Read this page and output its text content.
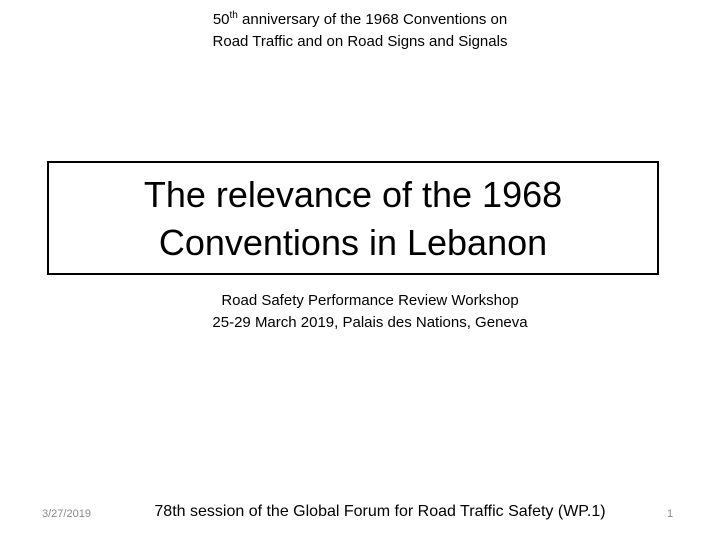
50th anniversary of the 1968 Conventions on
Road Traffic and on Road Signs and Signals
The relevance of the 1968
Conventions in Lebanon
Road Safety Performance Review Workshop
25-29 March 2019, Palais des Nations, Geneva
3/27/2019	78th session of the Global Forum for Road Traffic Safety (WP.1)	1
